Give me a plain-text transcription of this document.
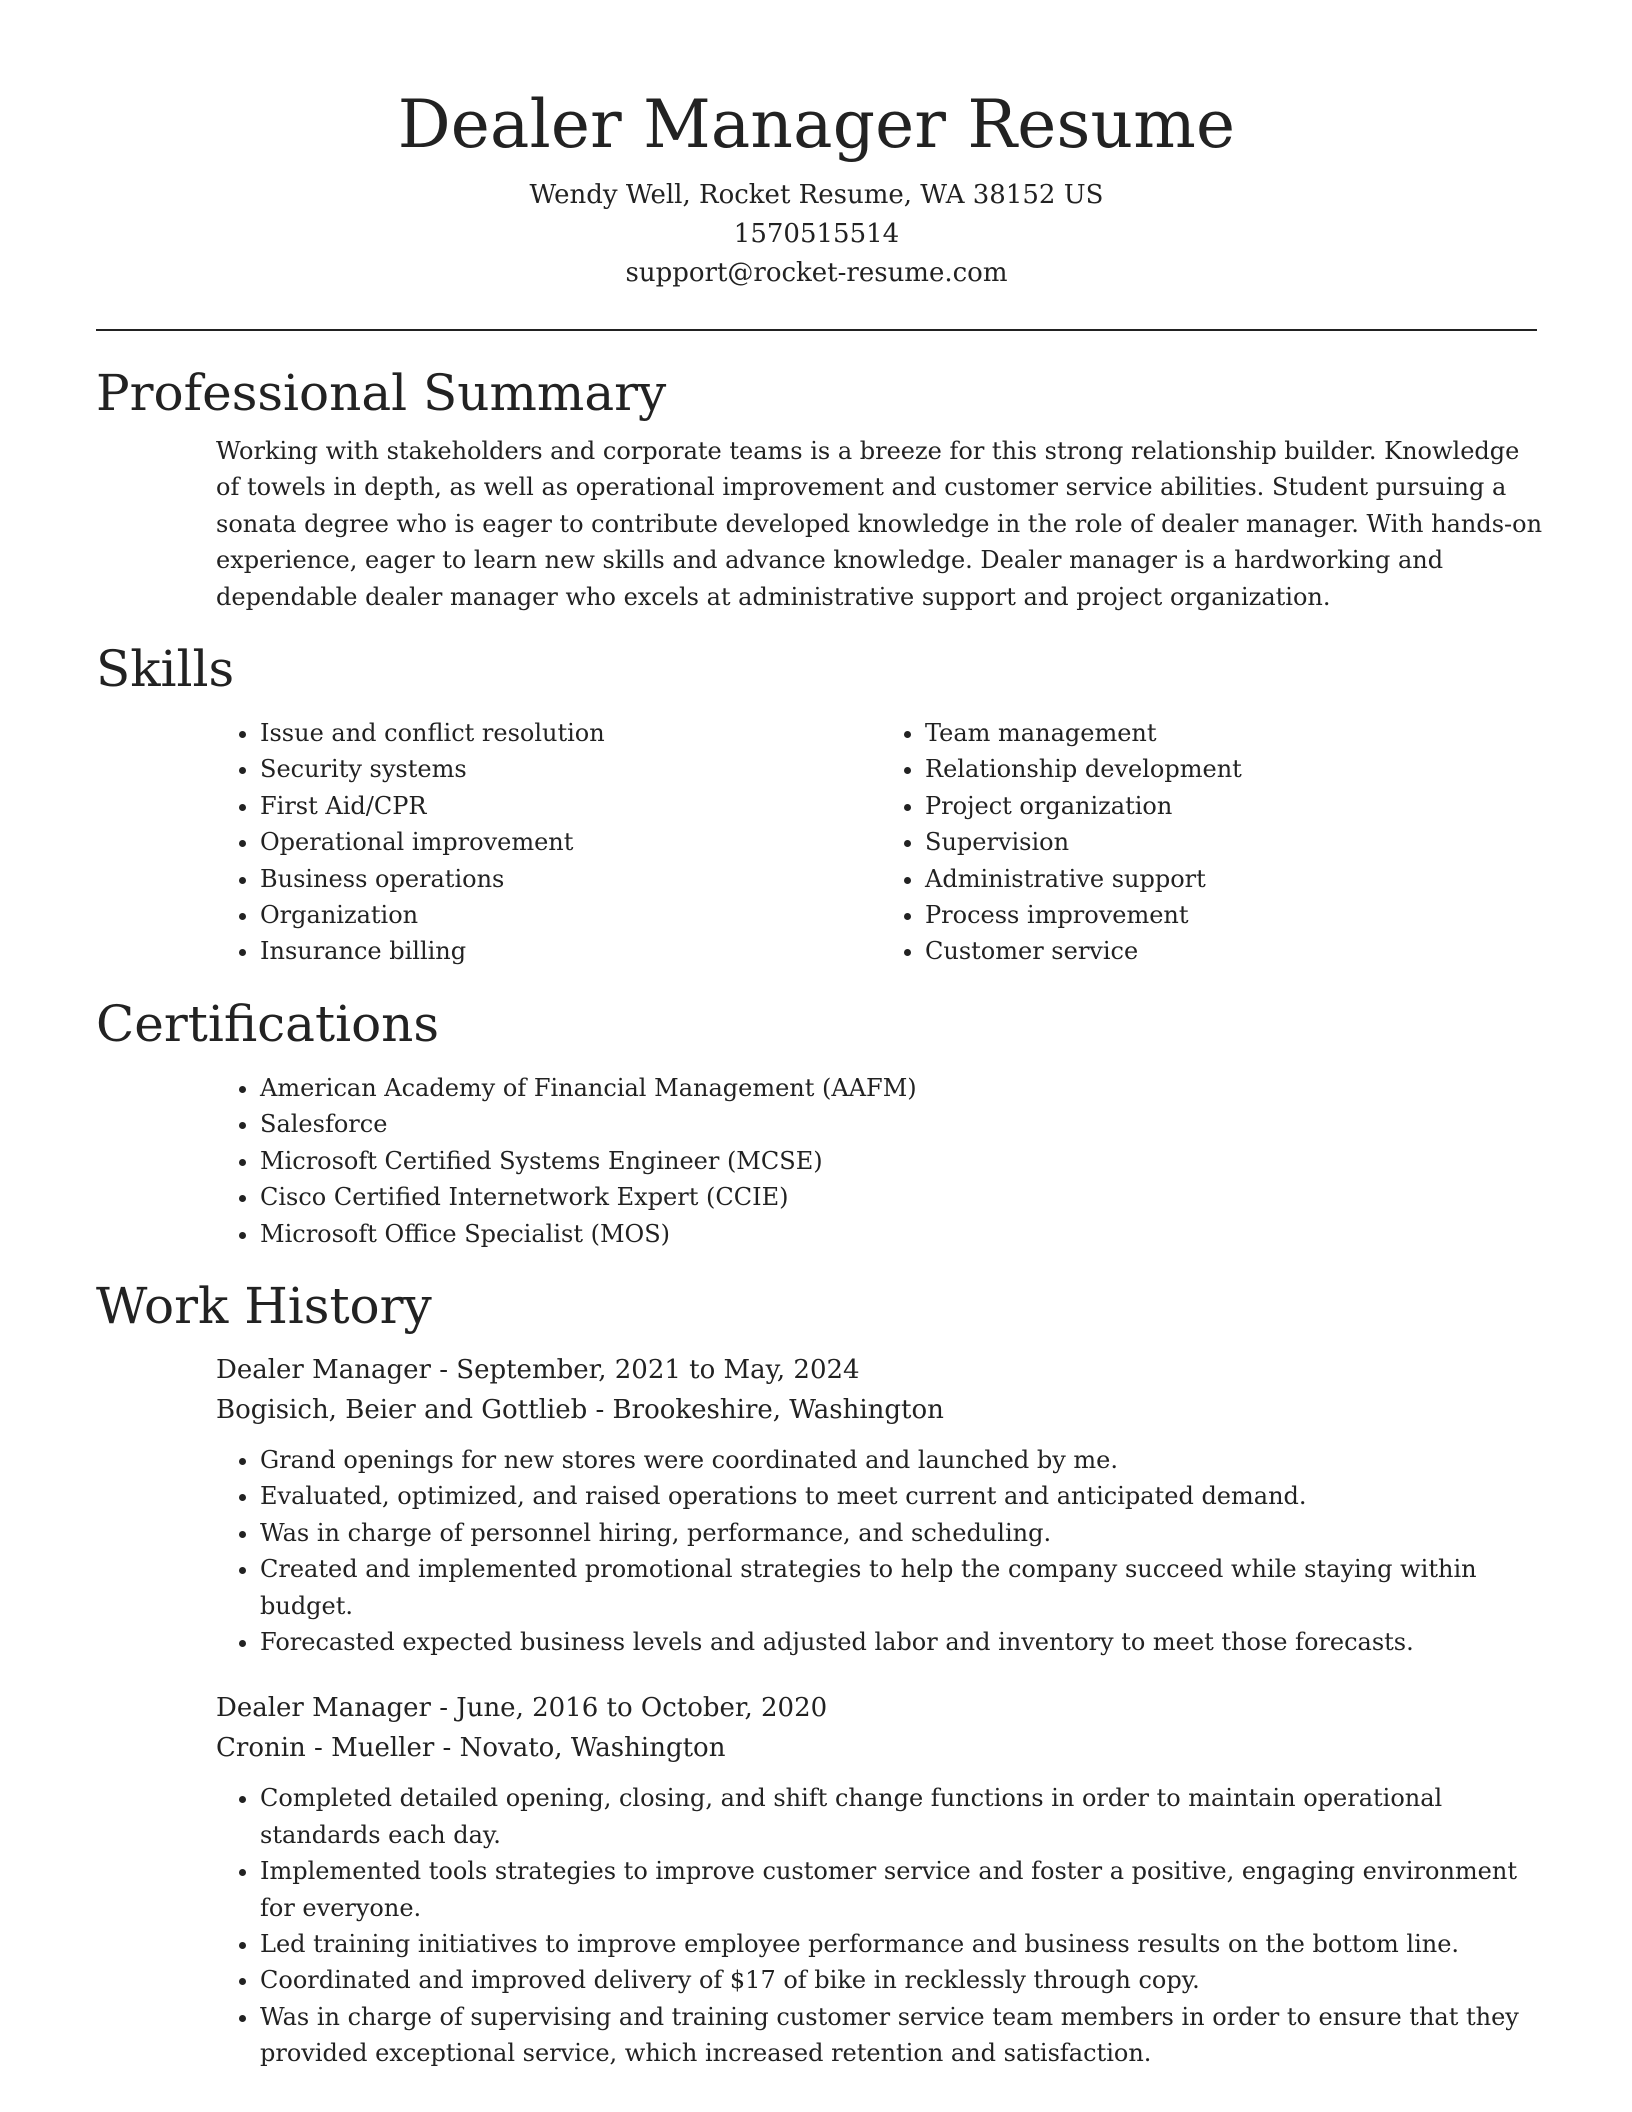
Dealer Manager Resume
Wendy Well, Rocket Resume, WA 38152 US
1570515514
support@rocket-resume.com
Professional Summary

Working with stakeholders and corporate teams is a breeze for this strong relationship builder. Knowledge of towels in depth, as well as operational improvement and customer service abilities. Student pursuing a sonata degree who is eager to contribute developed knowledge in the role of dealer manager. With hands-on experience, eager to learn new skills and advance knowledge. Dealer manager is a hardworking and dependable dealer manager who excels at administrative support and project organization.

Skills
• Issue and conflict resolution
• Security systems
• First Aid/CPR
• Operational improvement
• Business operations
• Organization
• Insurance billing
• Team management
• Relationship development
• Project organization
• Supervision
• Administrative support
• Process improvement
• Customer service
Certifications
• American Academy of Financial Management (AAFM)
• Salesforce
• Microsoft Certified Systems Engineer (MCSE)
• Cisco Certified Internetwork Expert (CCIE)
• Microsoft Office Specialist (MOS)
Work History
Dealer Manager - September, 2021 to May, 2024
Bogisich, Beier and Gottlieb - Brookeshire, Washington
• Grand openings for new stores were coordinated and launched by me.
• Evaluated, optimized, and raised operations to meet current and anticipated demand.
• Was in charge of personnel hiring, performance, and scheduling.
• Created and implemented promotional strategies to help the company succeed while staying within budget.
• Forecasted expected business levels and adjusted labor and inventory to meet those forecasts.
Dealer Manager - June, 2016 to October, 2020
Cronin - Mueller - Novato, Washington
• Completed detailed opening, closing, and shift change functions in order to maintain operational standards each day.
• Implemented tools strategies to improve customer service and foster a positive, engaging environment for everyone.
• Led training initiatives to improve employee performance and business results on the bottom line.
• Coordinated and improved delivery of $17 of bike in recklessly through copy.
• Was in charge of supervising and training customer service team members in order to ensure that they provided exceptional service, which increased retention and satisfaction.
